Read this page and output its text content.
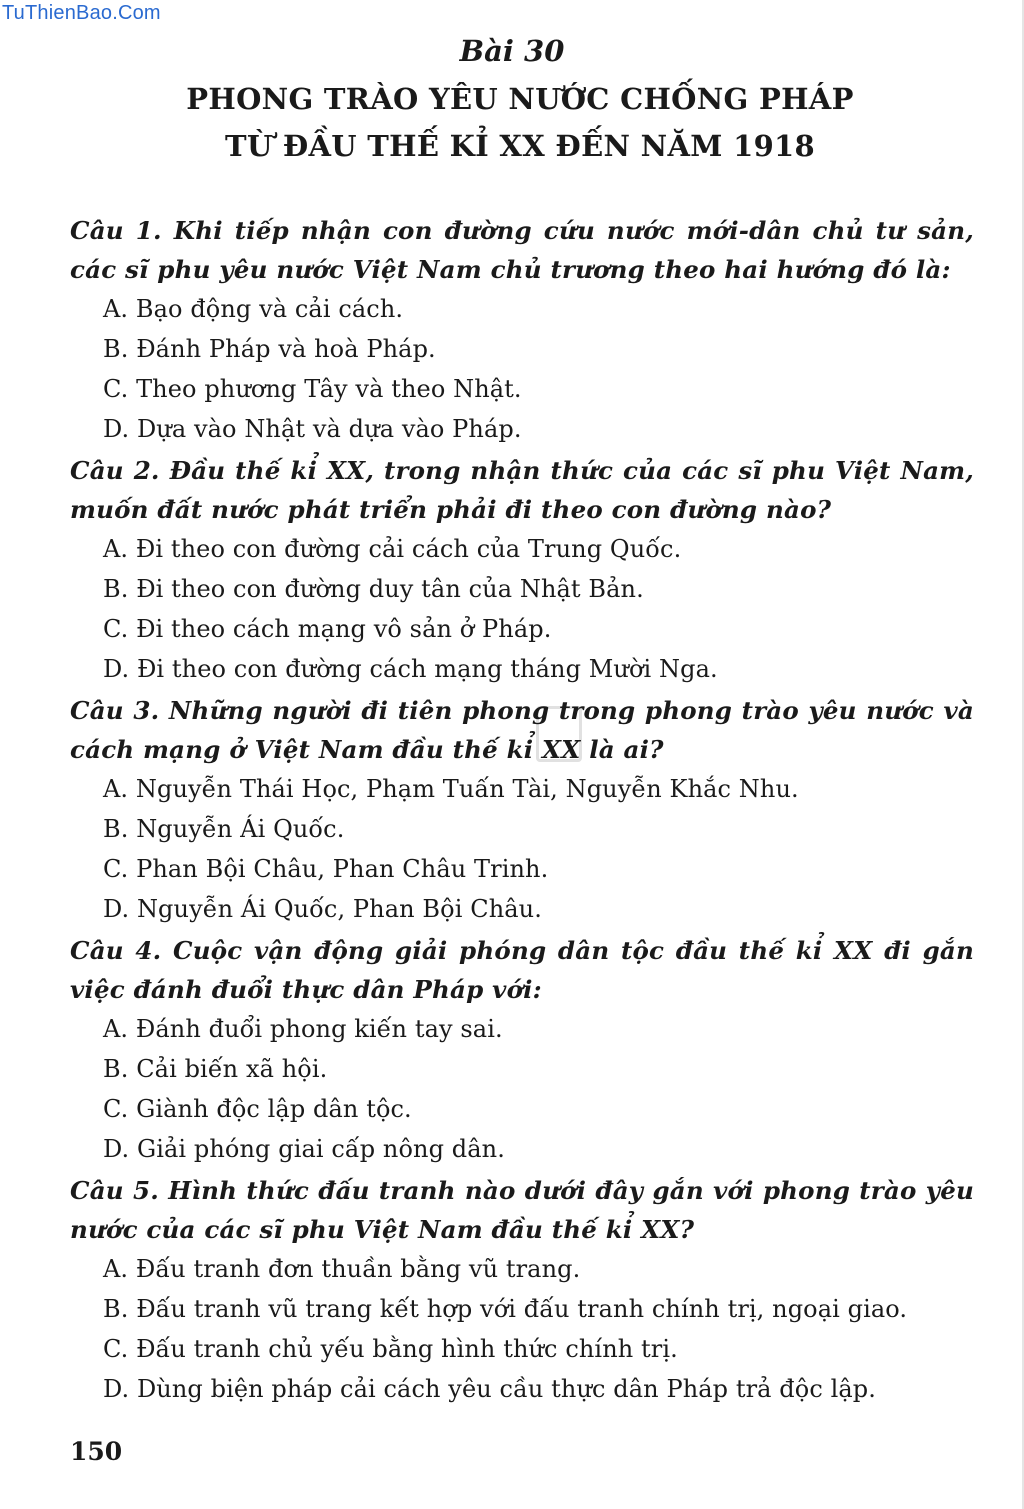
TuThienBao.Com
Bài 30
PHONG TRÀO YÊU NƯỚC CHỐNG PHÁP
TỪ ĐẦU THẾ KỈ XX ĐẾN NĂM 1918
Câu 1. Khi tiếp nhận con đường cứu nước mới-dân chủ tư sản, các sĩ phu yêu nước Việt Nam chủ trương theo hai hướng đó là:
A. Bạo động và cải cách.
B. Đánh Pháp và hoà Pháp.
C. Theo phương Tây và theo Nhật.
D. Dựa vào Nhật và dựa vào Pháp.
Câu 2. Đầu thế kỉ XX, trong nhận thức của các sĩ phu Việt Nam, muốn đất nước phát triển phải đi theo con đường nào?
A. Đi theo con đường cải cách của Trung Quốc.
B. Đi theo con đường duy tân của Nhật Bản.
C. Đi theo cách mạng vô sản ở Pháp.
D. Đi theo con đường cách mạng tháng Mười Nga.
Câu 3. Những người đi tiên phong trong phong trào yêu nước và cách mạng ở Việt Nam đầu thế kỉ XX là ai?
A. Nguyễn Thái Học, Phạm Tuấn Tài, Nguyễn Khắc Nhu.
B. Nguyễn Ái Quốc.
C. Phan Bội Châu, Phan Châu Trinh.
D. Nguyễn Ái Quốc, Phan Bội Châu.
Câu 4. Cuộc vận động giải phóng dân tộc đầu thế kỉ XX đi gắn việc đánh đuổi thực dân Pháp với:
A. Đánh đuổi phong kiến tay sai.
B. Cải biến xã hội.
C. Giành độc lập dân tộc.
D. Giải phóng giai cấp nông dân.
Câu 5. Hình thức đấu tranh nào dưới đây gắn với phong trào yêu nước của các sĩ phu Việt Nam đầu thế kỉ XX?
A. Đấu tranh đơn thuần bằng vũ trang.
B. Đấu tranh vũ trang kết hợp với đấu tranh chính trị, ngoại giao.
C. Đấu tranh chủ yếu bằng hình thức chính trị.
D. Dùng biện pháp cải cách yêu cầu thực dân Pháp trả độc lập.
150
